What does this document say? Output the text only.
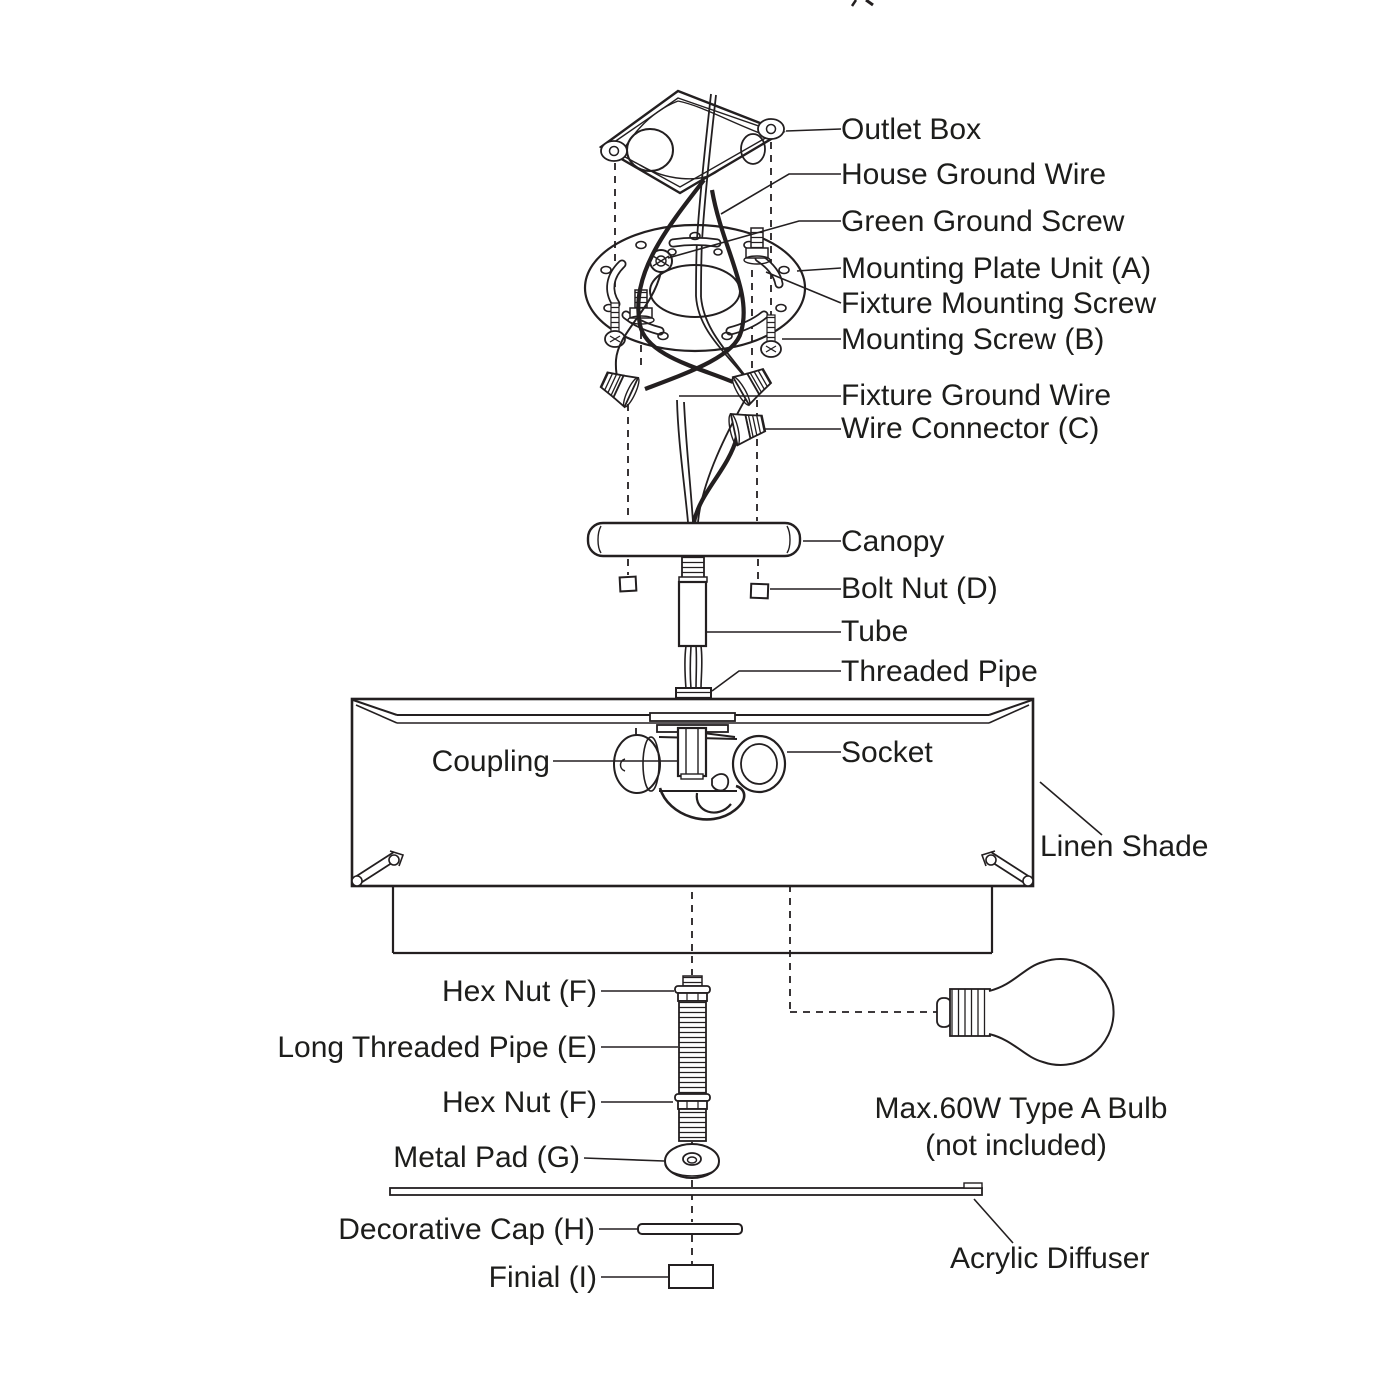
Outlet Box
House Ground Wire
Green Ground Screw
Mounting Plate Unit (A)
Fixture Mounting Screw
Mounting Screw (B)
Fixture Ground Wire
Wire Connector (C)
Canopy
Bolt Nut (D)
Tube
Threaded Pipe
Socket
Linen Shade
Coupling
Hex Nut (F)
Long Threaded Pipe (E)
Hex Nut (F)
Metal Pad (G)
Decorative Cap (H)
Finial (I)
Max.60W Type A Bulb
(not included)
Acrylic Diffuser
